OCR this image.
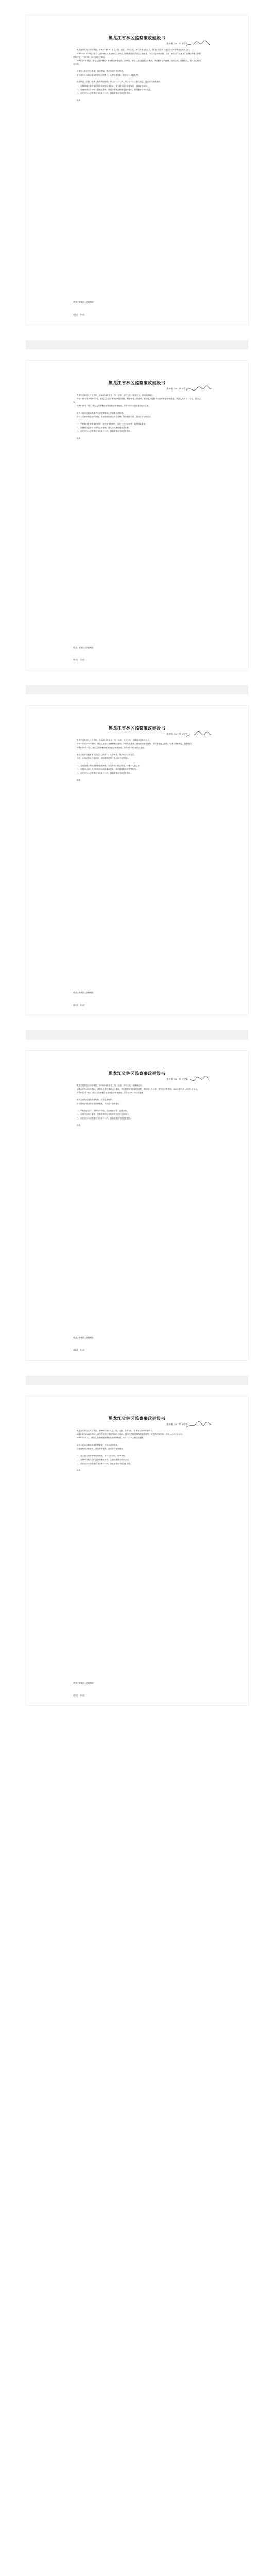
黑龙江省林区监察廉政建设书
黑林检（2017）4号字

黑龙江省林区人民检察院，1962年4月9日出生，男，汉族，初中文化，小林区林业局工人，黑龙江省森林工业总局大兴安岭分局原副主任。

2015年10月19日，被告人因涉嫌贪污罪被黑龙江省林区人民检察院依法决定立案侦查，于次日被刑事拘留。同年11月2日，经黑龙江省林区中级人民检察院决定，于同年11月3日被依法逮捕。

2016年5月28日，被告人因涉嫌贪污罪被移送审查起诉。经审查，被告人在担任副主任期间，利用职务上的便利，侵吞公款，数额较大，其行为已构成贪污罪。

对被告人依法予以审查，指定管辖，依法审理并作出判决。

鉴于被告人到案后如实供述自己的罪行，认罪态度较好，依法可以从轻处罚。

综上所述，依据《中华人民共和国刑法》第三百八十二条、第三百八十三条之规定，提出如下检察建议：

一、加强对林区基层单位财务管理的监督检查，建立健全财务管理制度，堵塞管理漏洞。

二、加强对林区干部职工的廉政教育，增强法制观念和廉洁自律意识，预防职务犯罪的发生。

三、请在收到本检察建议书后两个月内，将落实情况书面回复我院。

此致

黑龙江省林区人民检察院
第1页　共5页
黑龙江省林区监察廉政建设书
黑林检（2017）5号字

黑龙江省林区人民检察院，1965年6月出生，男，汉族，高中文化，林业工人，原林场副场长。

2015年6月至2016年3月，被告人在担任林场副场长期间，利用职务上的便利，伙同他人虚报冒领国家林业补贴资金，共计人民币十二万元，据为己有。

2016年4月18日，被告人因涉嫌贪污罪被依法刑事拘留，同年5月2日经批准被依法逮捕。

被告人到案后如实供述了全部犯罪事实，并退缴全部赃款。

针对上述案件暴露出的问题，为加强林区基层单位管理，预防职务犯罪，提出如下检察建议：

一、严格林业补贴资金的申报、审核和发放程序，实行公开公示制度，接受群众监督。

二、加强对基层领导干部的监督管理，落实党风廉政建设责任制。

三、请在收到本检察建议书后两个月内，将落实情况书面回复我院。

此致

黑龙江省林区人民检察院
第2页　共5页
黑龙江省林区监察廉政建设书
黑林检（2017）6号字

黑龙江省林区人民检察院，1968年3月出生，男，汉族，大专文化，原林业局营林科科长。

2014年至2016年期间，被告人在担任营林科科长期间，利用负责造林工程验收的职务便利，多次收受他人财物，为他人谋取利益，数额较大。

2016年9月12日，被告人因涉嫌受贿罪被依法刑事拘留，同年9月26日被依法逮捕。

被告人归案后能够如实供述自己的罪行，认罪悔罪，依法可以从轻处罚。

为进一步规范林业工程管理，预防职务犯罪，提出如下检察建议：

一、完善造林工程招投标和验收制度，实行多部门联合验收，杜绝一人说了算。

二、加强重点岗位人员的轮岗交流和廉政教育，筑牢拒腐防变的思想防线。

三、请在收到本检察建议书后两个月内，将落实情况书面回复我院。

此致

黑龙江省林区人民检察院
第3页　共5页
黑龙江省林区监察廉政建设书
黑林检（2017）7号字

黑龙江省林区人民检察院，1970年8月出生，男，汉族，中专文化，原林场会计。

2013年至2015年期间，被告人在担任林场会计期间，利用管理财务的职务便利，采取收入不入账、虚列支出等手段，侵吞公款共计人民币八万余元。

2016年2月24日，被告人因涉嫌贪污罪被依法刑事拘留，同年3月9日被依法逮捕。

被告人案发后退缴全部赃款，认罪态度较好。

针对该案反映出的财务管理漏洞，提出如下检察建议：

一、严格执行会计、出纳分设制度，实行钱账分管，定期对账。

二、加强内部审计监督，对基层单位财务收支情况进行定期审计。

三、请在收到本检察建议书后两个月内，将落实情况书面回复我院。

此致

黑龙江省林区人民检察院
第4页　共5页
黑龙江省林区监察廉政建设书
黑林检（2017）8号字

黑龙江省林区人民检察院，1966年11月出生，男，汉族，高中文化，原林业局物资科副科长。

2014年至2016年期间，被告人在担任物资科副科长期间，利用负责物资采购的职务便利，收受供货商回扣，共计人民币十万余元。

2016年7月5日，被告人因涉嫌受贿罪被依法刑事拘留，同年7月19日被依法逮捕。

被告人归案后如实供述犯罪事实，并主动退缴赃款。

为加强物资采购管理，预防职务犯罪，提出如下检察建议：

一、建立健全物资采购管理制度，推行公开招标、集中采购。

二、加强对采购人员的监督和廉政教育，定期开展警示教育活动。

三、请在收到本检察建议书后两个月内，将落实情况书面回复我院。

此致

黑龙江省林区人民检察院
第5页　共5页
